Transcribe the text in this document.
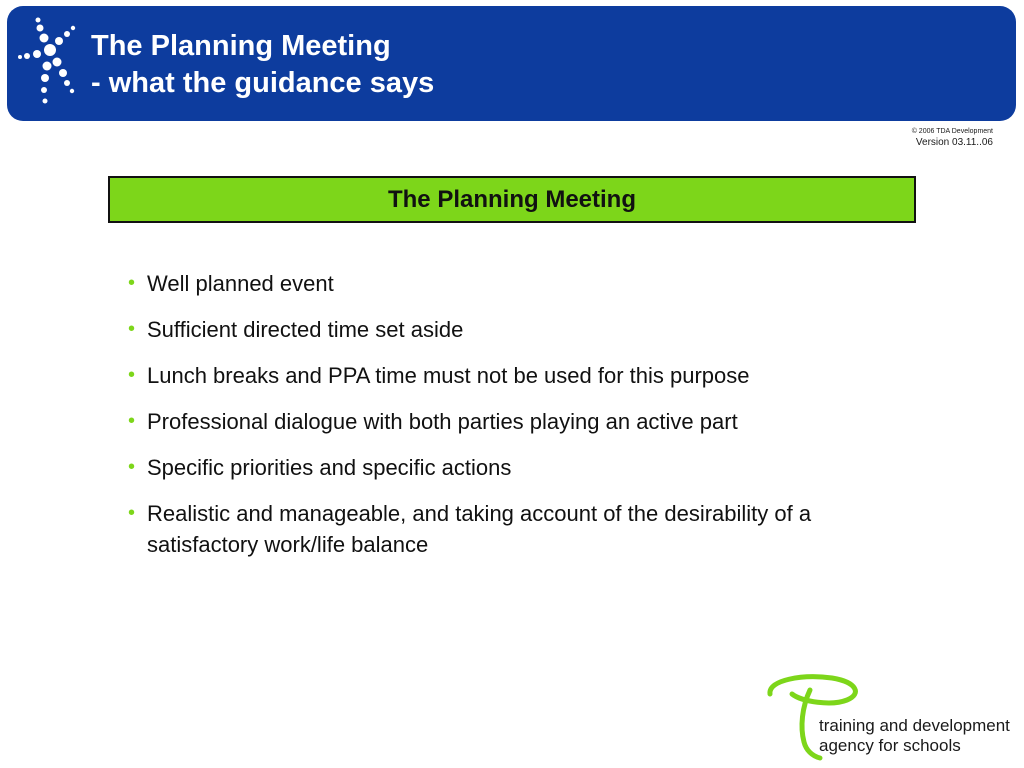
The Planning Meeting
- what the guidance says
© 2006 TDA Development
Version 03.11..06
The Planning Meeting
• Well planned event
• Sufficient directed time set aside
• Lunch breaks and PPA time must not be used for this purpose
• Professional dialogue with both parties playing an active part
• Specific priorities and specific actions
• Realistic and manageable, and taking account of the desirability of a satisfactory work/life balance
training and development
agency for schools
